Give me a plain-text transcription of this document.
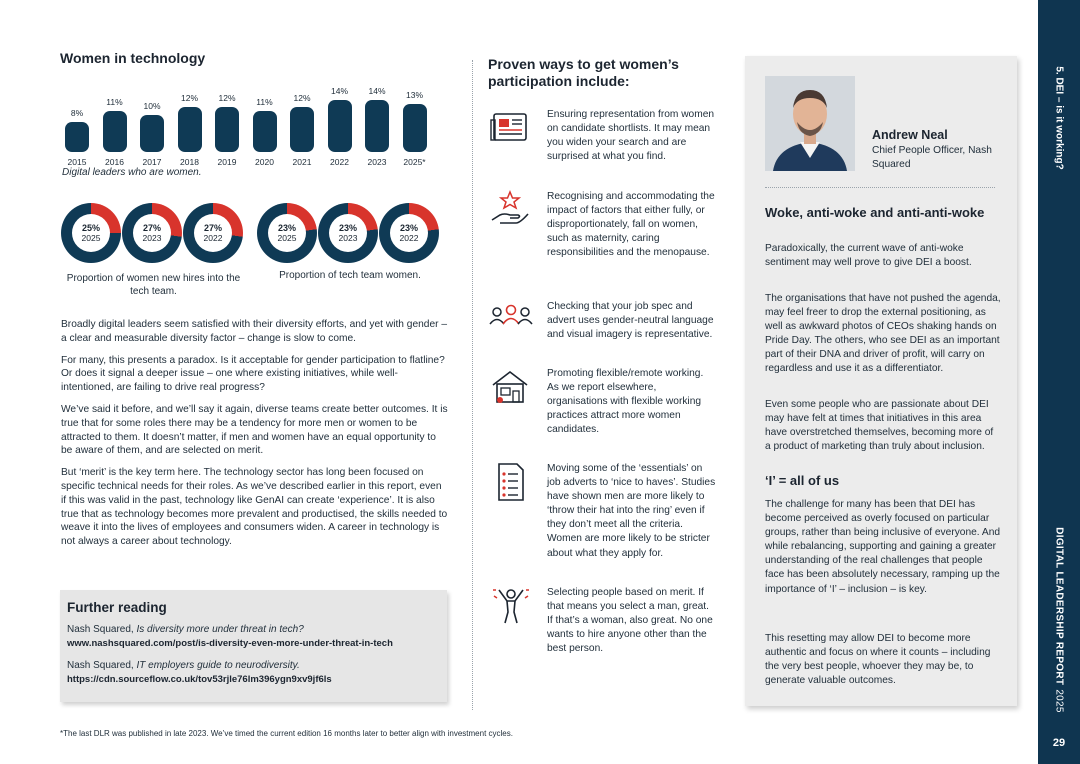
5. DEI – is it working?
DIGITAL LEADERSHIP REPORT2025
29
Women in technology
8%
2015
11%
2016
10%
2017
12%
2018
12%
2019
11%
2020
12%
2021
14%
2022
14%
2023
13%
2025*
Digital leaders who are women.
25%
2025
27%
2023
27%
2022
23%
2025
23%
2023
23%
2022
Proportion of women new hires into the tech team.
Proportion of tech team women.

Broadly digital leaders seem satisfied with their diversity efforts, and yet with gender – a clear and measurable diversity factor – change is slow to come.

For many, this presents a paradox. Is it acceptable for gender participation to flatline? Or does it signal a deeper issue – one where existing initiatives, while well-intentioned, are failing to drive real progress?

We’ve said it before, and we’ll say it again, diverse teams create better outcomes. It is true that for some roles there may be a tendency for more men or women to be attracted to them. It doesn’t matter, if men and women have an equal opportunity to be aware of them, and are selected on merit.

But ‘merit’ is the key term here. The technology sector has long been focused on specific technical needs for their roles. As we’ve described earlier in this report, even if this was valid in the past, technology like GenAI can create ‘experience’. It is also true that as technology becomes more prevalent and productised, the skills needed to weave it into the lives of employees and consumers widen. A career in technology is not always a career about technology.

Further reading
Nash Squared, Is diversity more under threat in tech?
www.nashsquared.com/post/is-diversity-even-more-under-threat-in-tech
Nash Squared, IT employers guide to neurodiversity.
https://cdn.sourceflow.co.uk/tov53rjle76lm396ygn9xv9jf6ls
*The last DLR was published in late 2023. We’ve timed the current edition 16 months later to better align with investment cycles.
Proven ways to get women’s participation include:
Ensuring representation from women on candidate shortlists. It may mean you widen your search and are surprised at what you find.
Recognising and accommodating the impact of factors that either fully, or disproportionately, fall on women, such as maternity, caring responsibilities and the menopause.
Checking that your job spec and advert uses gender-neutral language and visual imagery is representative.
Promoting flexible/remote working. As we report elsewhere, organisations with flexible working practices attract more women candidates.
Moving some of the ‘essentials’ on job adverts to ‘nice to haves’. Studies have shown men are more likely to ‘throw their hat into the ring’ even if they don’t meet all the criteria. Women are more likely to be stricter about what they apply for.
Selecting people based on merit. If that means you select a man, great. If that’s a woman, also great. No one wants to hire anyone other than the best person.
Andrew Neal
Chief People Officer, Nash Squared
Woke, anti-woke and anti-anti-woke
Paradoxically, the current wave of anti-woke sentiment may well prove to give DEI a boost.
The organisations that have not pushed the agenda, may feel freer to drop the external positioning, as well as awkward photos of CEOs shaking hands on Pride Day. The others, who see DEI as an important part of their DNA and driver of profit, will carry on regardless and use it as a differentiator.
Even some people who are passionate about DEI may have felt at times that initiatives in this area have overstretched themselves, becoming more of a product of marketing than truly about inclusion.
‘I’ = all of us
The challenge for many has been that DEI has become perceived as overly focused on particular groups, rather than being inclusive of everyone. And while rebalancing, supporting and gaining a greater understanding of the real challenges that people face has been absolutely necessary, ramping up the importance of ‘I’ – inclusion – is key.
This resetting may allow DEI to become more authentic and focus on where it counts – including the very best people, whoever they may be, to generate valuable outcomes.
